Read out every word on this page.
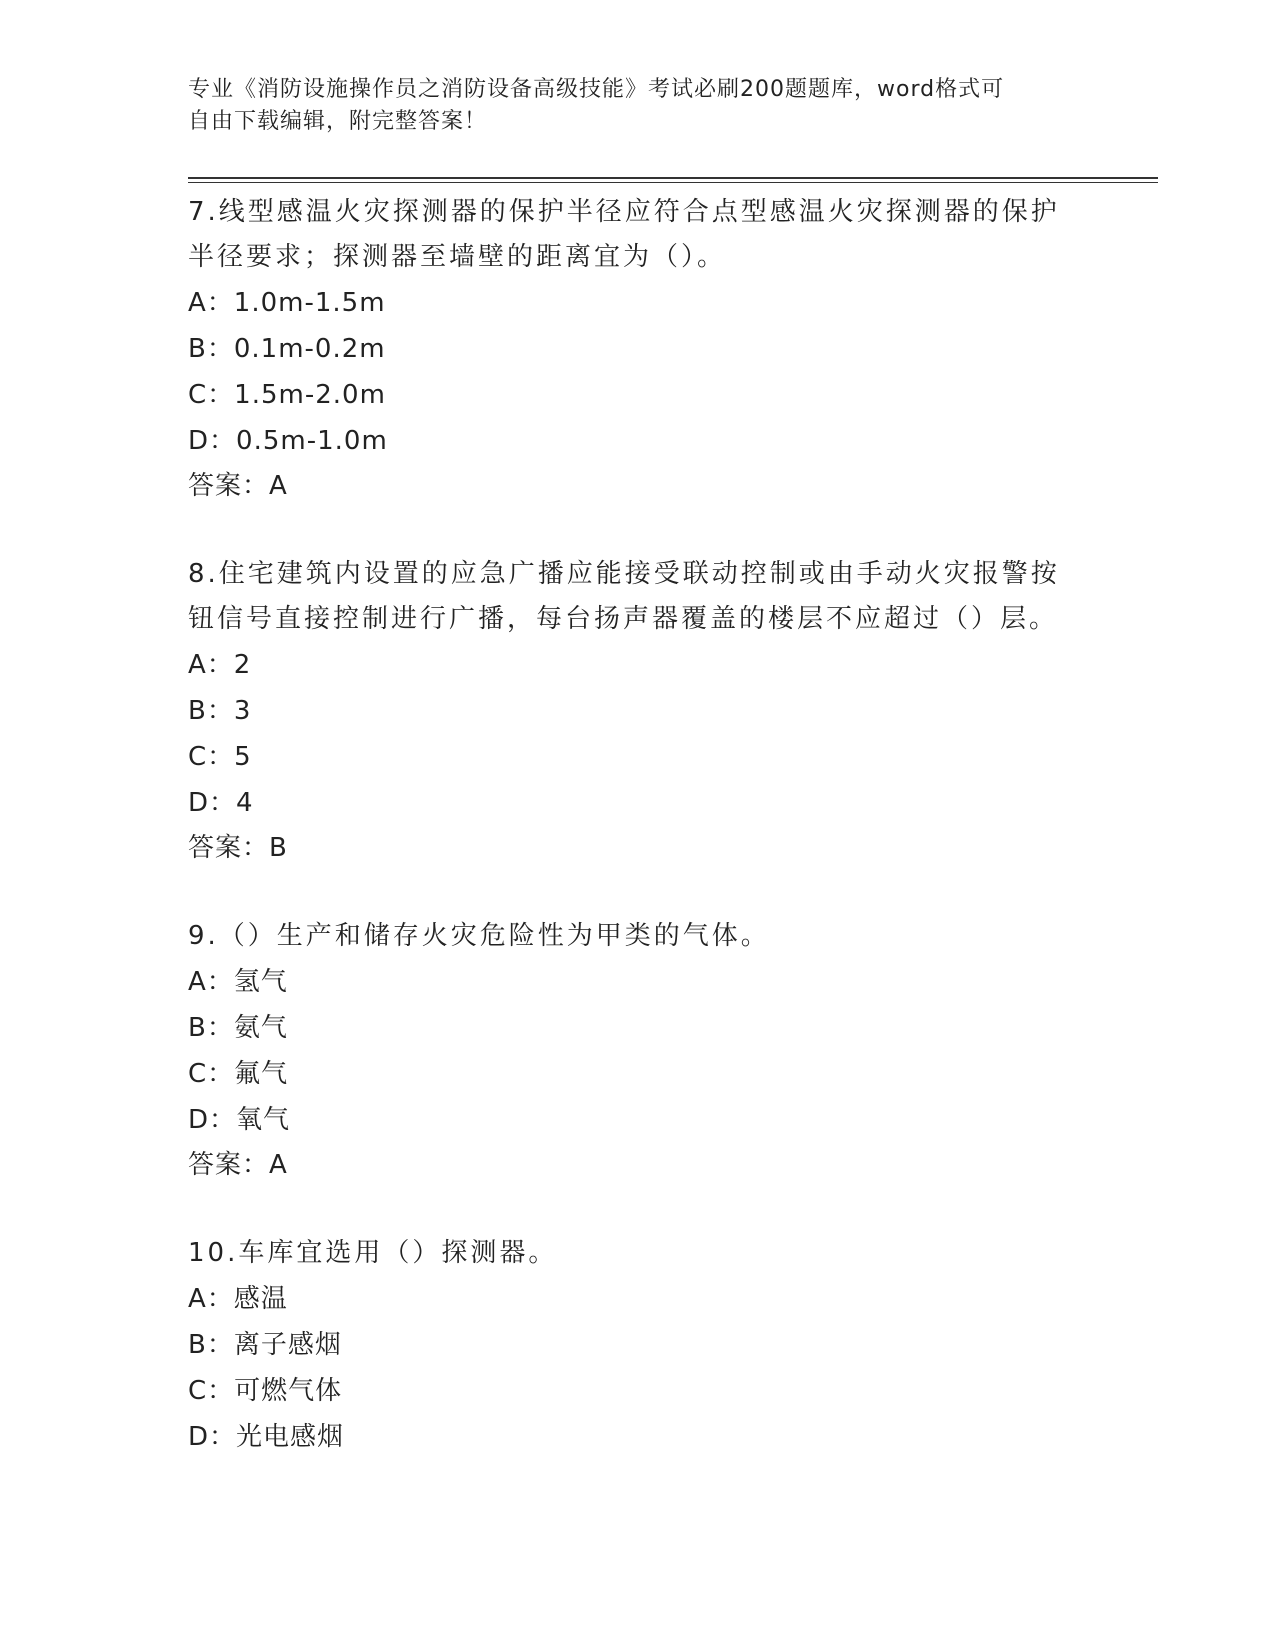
专业《消防设施操作员之消防设备高级技能》考试必刷200题题库，word格式可
自由下载编辑，附完整答案！

7.线型感温火灾探测器的保护半径应符合点型感温火灾探测器的保护半径要求；探测器至墙壁的距离宜为（）。

A：1.0m-1.5m

B：0.1m-0.2m

C：1.5m-2.0m

D：0.5m-1.0m

答案：A

8.住宅建筑内设置的应急广播应能接受联动控制或由手动火灾报警按钮信号直接控制进行广播，每台扬声器覆盖的楼层不应超过（）层。

A：2

B：3

C：5

D：4

答案：B

9.（）生产和储存火灾危险性为甲类的气体。

A：氢气

B：氨气

C：氟气

D：氧气

答案：A

10.车库宜选用（）探测器。

A：感温

B：离子感烟

C：可燃气体

D：光电感烟
